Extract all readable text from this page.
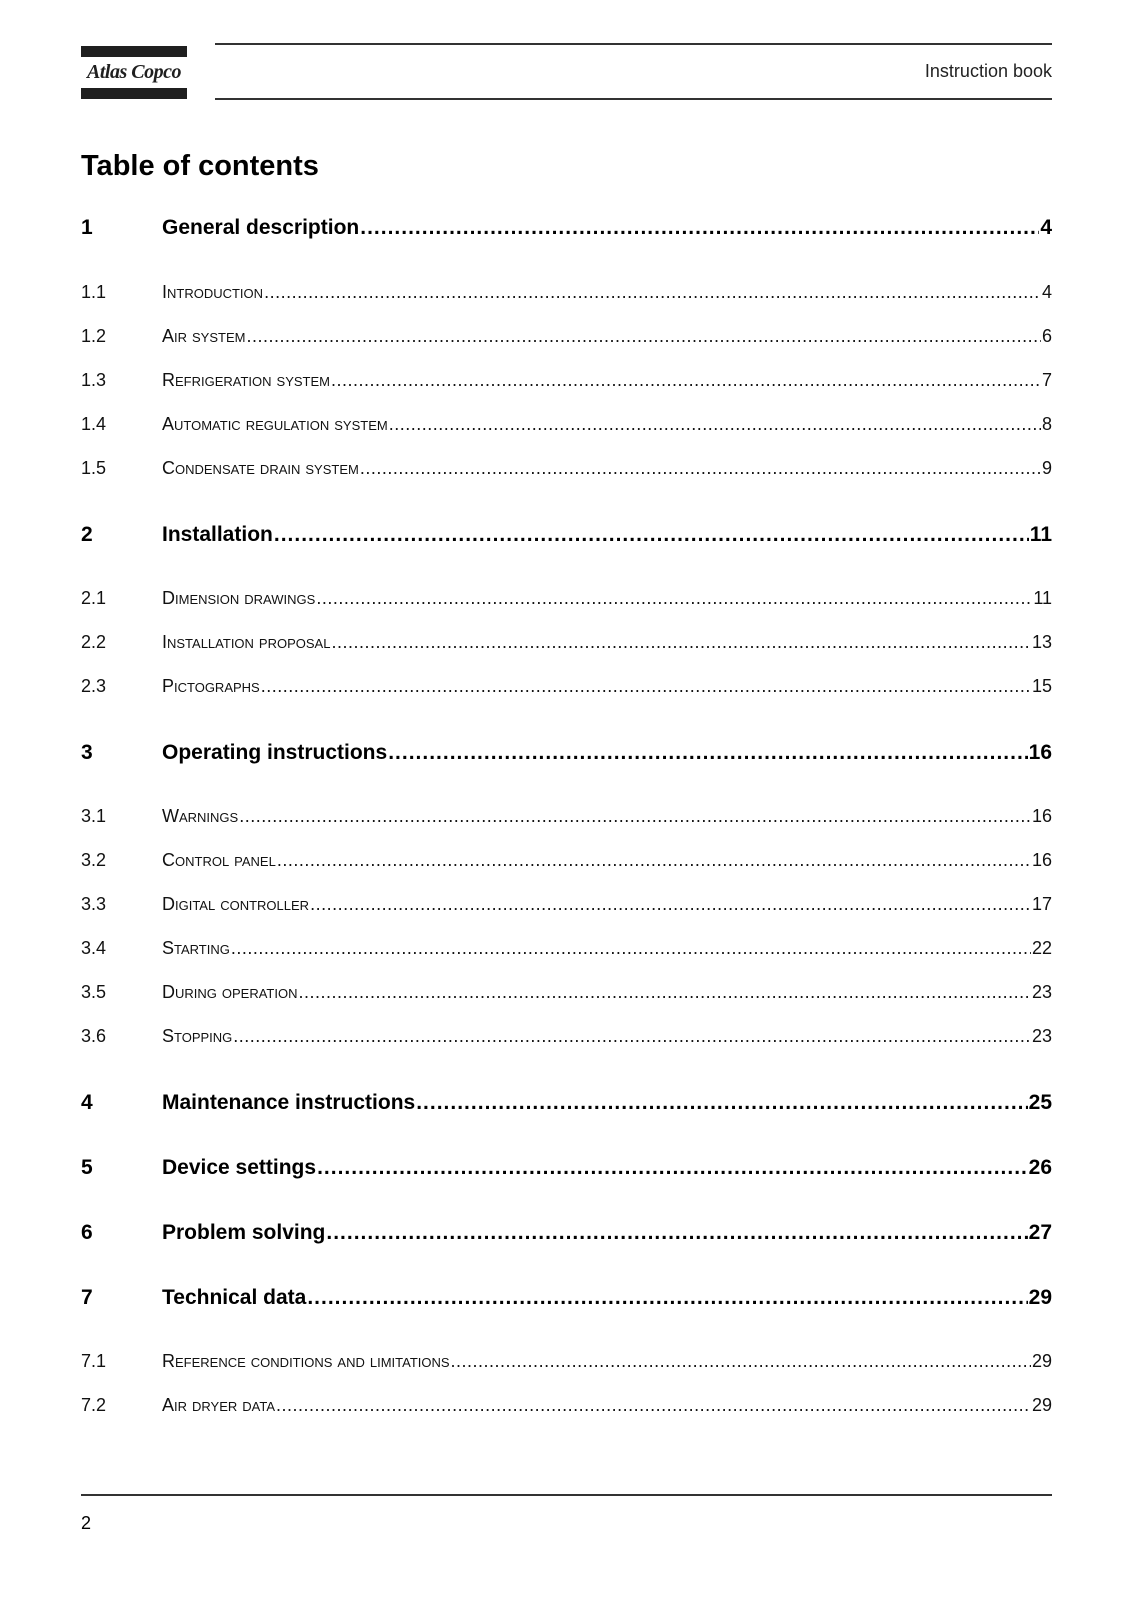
Atlas Copco	Instruction book
Table of contents
1	General description .....	4
1.1	Introduction .....	4
1.2	Air system .....	6
1.3	Refrigeration system .....	7
1.4	Automatic regulation system .....	8
1.5	Condensate drain system .....	9
2	Installation .....	11
2.1	Dimension drawings .....	11
2.2	Installation proposal .....	13
2.3	Pictographs .....	15
3	Operating instructions .....	16
3.1	Warnings .....	16
3.2	Control panel .....	16
3.3	Digital controller .....	17
3.4	Starting .....	22
3.5	During operation .....	23
3.6	Stopping .....	23
4	Maintenance instructions .....	25
5	Device settings .....	26
6	Problem solving .....	27
7	Technical data .....	29
7.1	Reference conditions and limitations .....	29
7.2	Air dryer data .....	29
2
